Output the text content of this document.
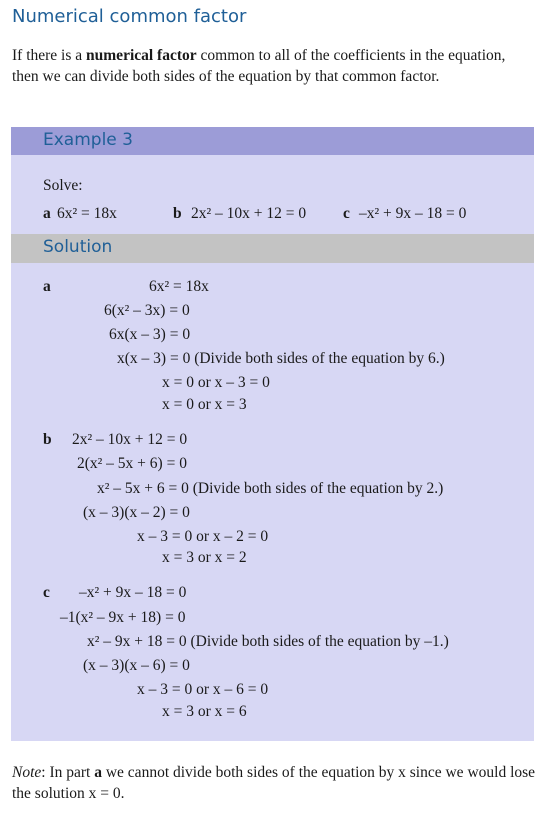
Numerical common factor

If there is a numerical factor common to all of the coefficients in the equation, then we can divide both sides of the equation by that common factor.

Example 3
Solve:
a 6x² = 18x	b 2x² – 10x + 12 = 0 c –x² + 9x – 18 = 0
Solution
a	6x² = 18x
6(x² – 3x) = 0
6x(x – 3) = 0
x(x – 3) = 0 (Divide both sides of the equation by 6.)
x = 0 or x – 3 = 0
x = 0 or x = 3
b 2x² – 10x + 12 = 0
2(x² – 5x + 6) = 0
x² – 5x + 6 = 0 (Divide both sides of the equation by 2.)
(x – 3)(x – 2) = 0
x – 3 = 0 or x – 2 = 0
x = 3 or x = 2
c –x² + 9x – 18 = 0
–1(x² – 9x + 18) = 0
x² – 9x + 18 = 0 (Divide both sides of the equation by –1.)
(x – 3)(x – 6) = 0
x – 3 = 0 or x – 6 = 0
x = 3 or x = 6

Note: In part a we cannot divide both sides of the equation by x since we would lose the solution x = 0.
